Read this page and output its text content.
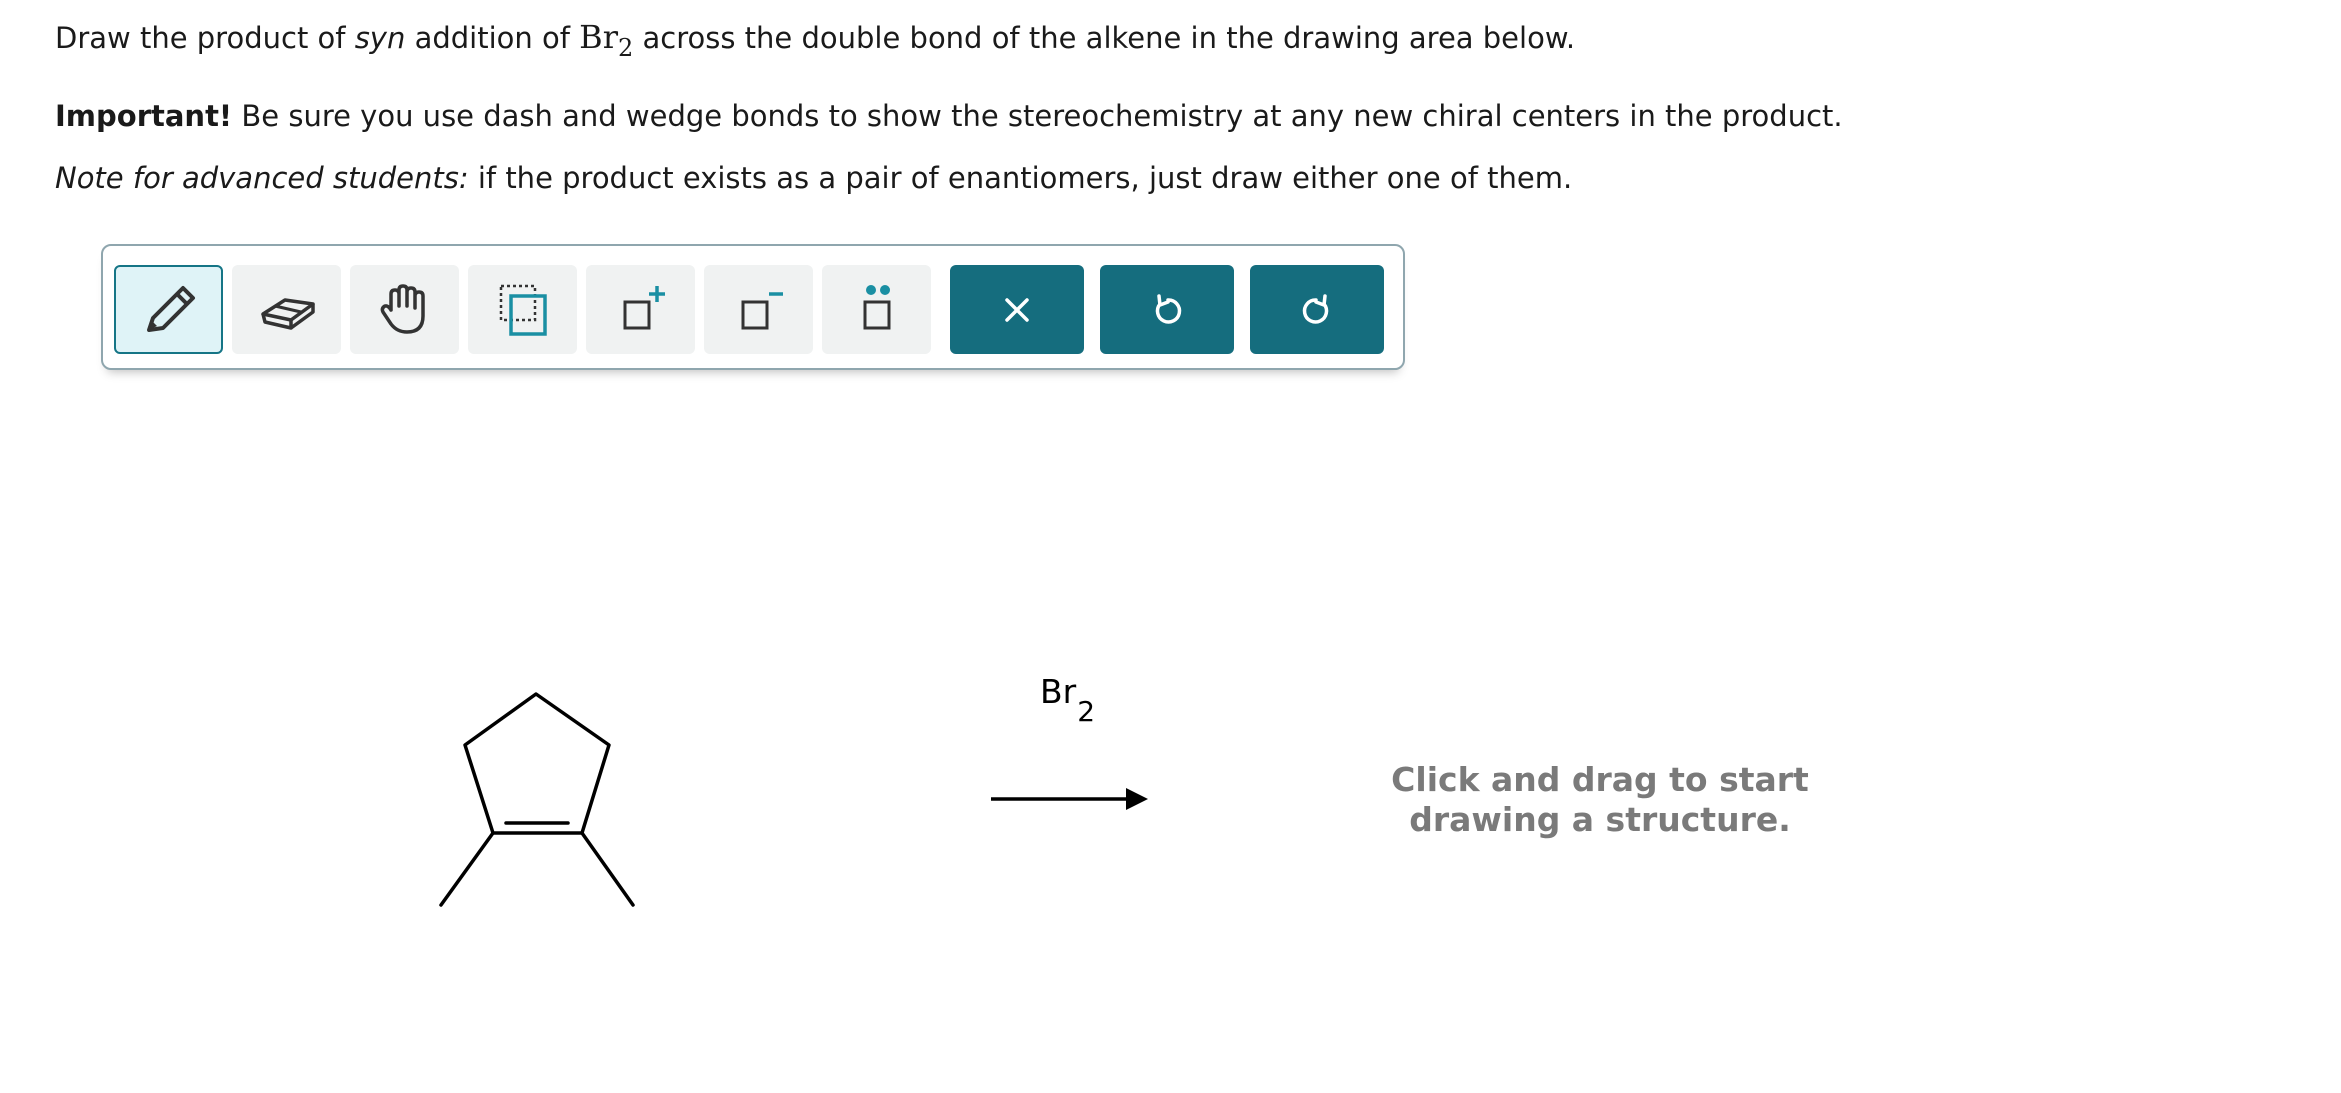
Draw the product of syn addition of $Br_2$ across the double bond of the alkene in the drawing area below.
Important! Be sure you use dash and wedge bonds to show the stereochemistry at any new chiral centers in the product.
Note for advanced students: if the product exists as a pair of enantiomers, just draw either one of them.
$Br_2$
Click and drag to start drawing a structure.
